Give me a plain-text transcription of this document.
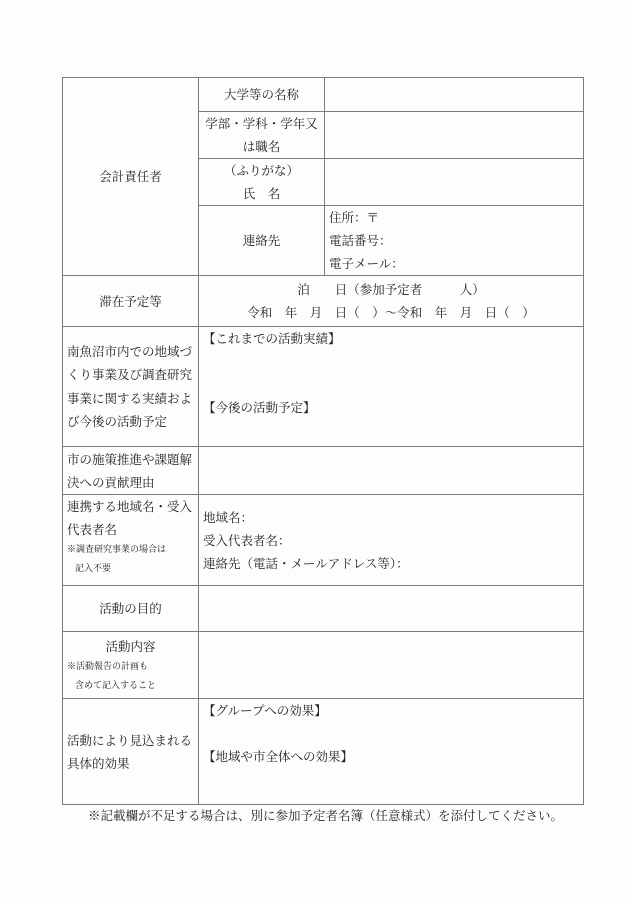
会計責任者	大学等の名称	

	学部・学科・学年又
は職名	

	（ふりがな）
氏　名	

	連絡先	住所：〒
電話番号：
電子メール：

滞在予定等	泊　　日（参加予定者　　　人）
令和　年　月　日（　）～令和　年　月　日（　）	

南魚沼市内での地域づくり事業及び調査研究事業に関する実績および今後の活動予定	【これまでの活動実績】
【今後の活動予定】	

市の施策推進や課題解決への貢献理由		

連携する地域名・受入代表者名
※調査研究事業の場合は
記入不要	地域名：
受入代表者名：
連絡先（電話・メールアドレス等）：	

活動の目的		

活動内容
※活動報告の計画も
含めて記入すること		

活動により見込まれる具体的効果	【グループへの効果】
【地域や市全体への効果】	
※記載欄が不足する場合は、別に参加予定者名簿（任意様式）を添付してください。
